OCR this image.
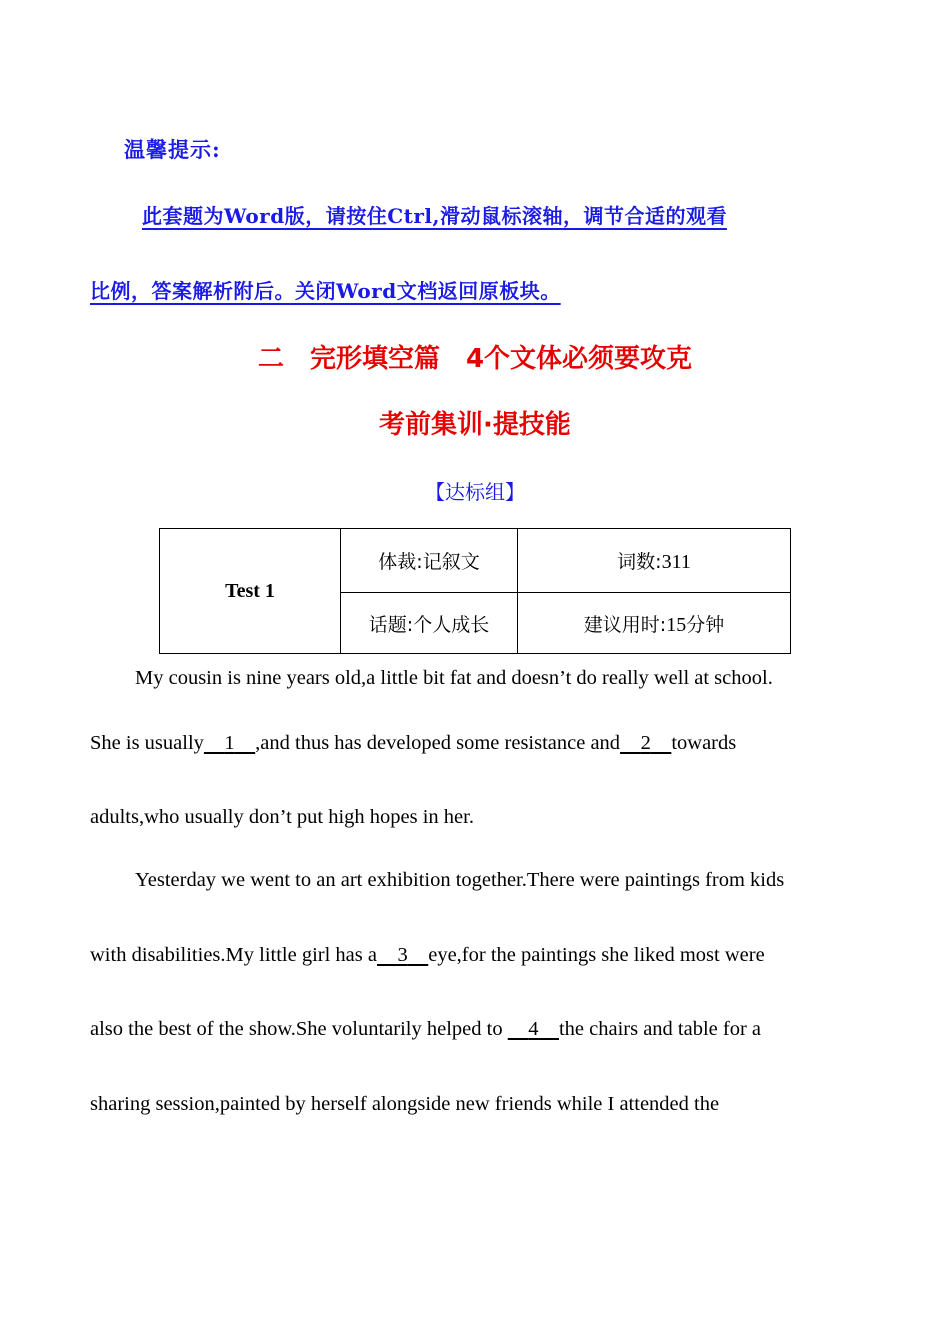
温馨提示:
此套题为Word版，请按住Ctrl,滑动鼠标滚轴，调节合适的观看
比例，答案解析附后。关闭Word文档返回原板块。
二 完形填空篇 4个文体必须要攻克
考前集训·提技能
【达标组】
Test 1	体裁:记叙文	词数:311
	话题:个人成长	建议用时:15分钟
My cousin is nine years old,a little bit fat and doesn’t do really well at school.
She is usually 1 ,and thus has developed some resistance and 2 towards
adults,who usually don’t put high hopes in her.
Yesterday we went to an art exhibition together.There were paintings from kids
with disabilities.My little girl has a 3 eye,for the paintings she liked most were
also the best of the show.She voluntarily helped to 4 the chairs and table for a
sharing session,painted by herself alongside new friends while I attended the
